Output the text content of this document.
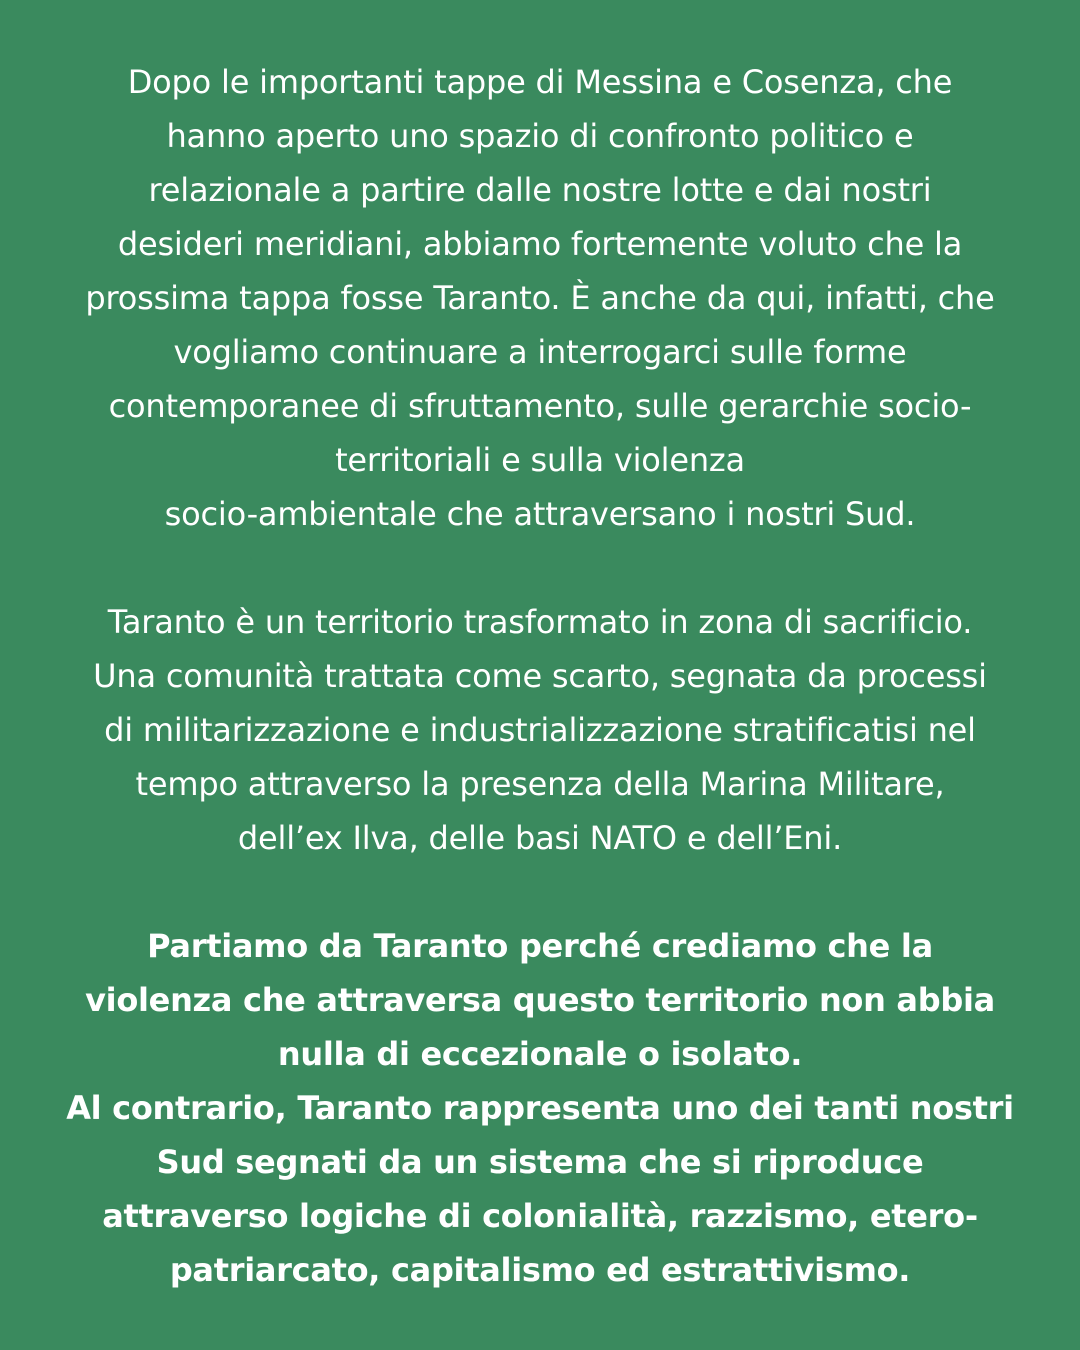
Dopo le importanti tappe di Messina e Cosenza, che
hanno aperto uno spazio di confronto politico e
relazionale a partire dalle nostre lotte e dai nostri
desideri meridiani, abbiamo fortemente voluto che la
prossima tappa fosse Taranto. È anche da qui, infatti, che
vogliamo continuare a interrogarci sulle forme
contemporanee di sfruttamento, sulle gerarchie socio-
territoriali e sulla violenza
socio-ambientale che attraversano i nostri Sud.
Taranto è un territorio trasformato in zona di sacrificio.
Una comunità trattata come scarto, segnata da processi
di militarizzazione e industrializzazione stratificatisi nel
tempo attraverso la presenza della Marina Militare,
dell’ex Ilva, delle basi NATO e dell’Eni.
Partiamo da Taranto perché crediamo che la
violenza che attraversa questo territorio non abbia
nulla di eccezionale o isolato.
Al contrario, Taranto rappresenta uno dei tanti nostri
Sud segnati da un sistema che si riproduce
attraverso logiche di colonialità, razzismo, etero-
patriarcato, capitalismo ed estrattivismo.
